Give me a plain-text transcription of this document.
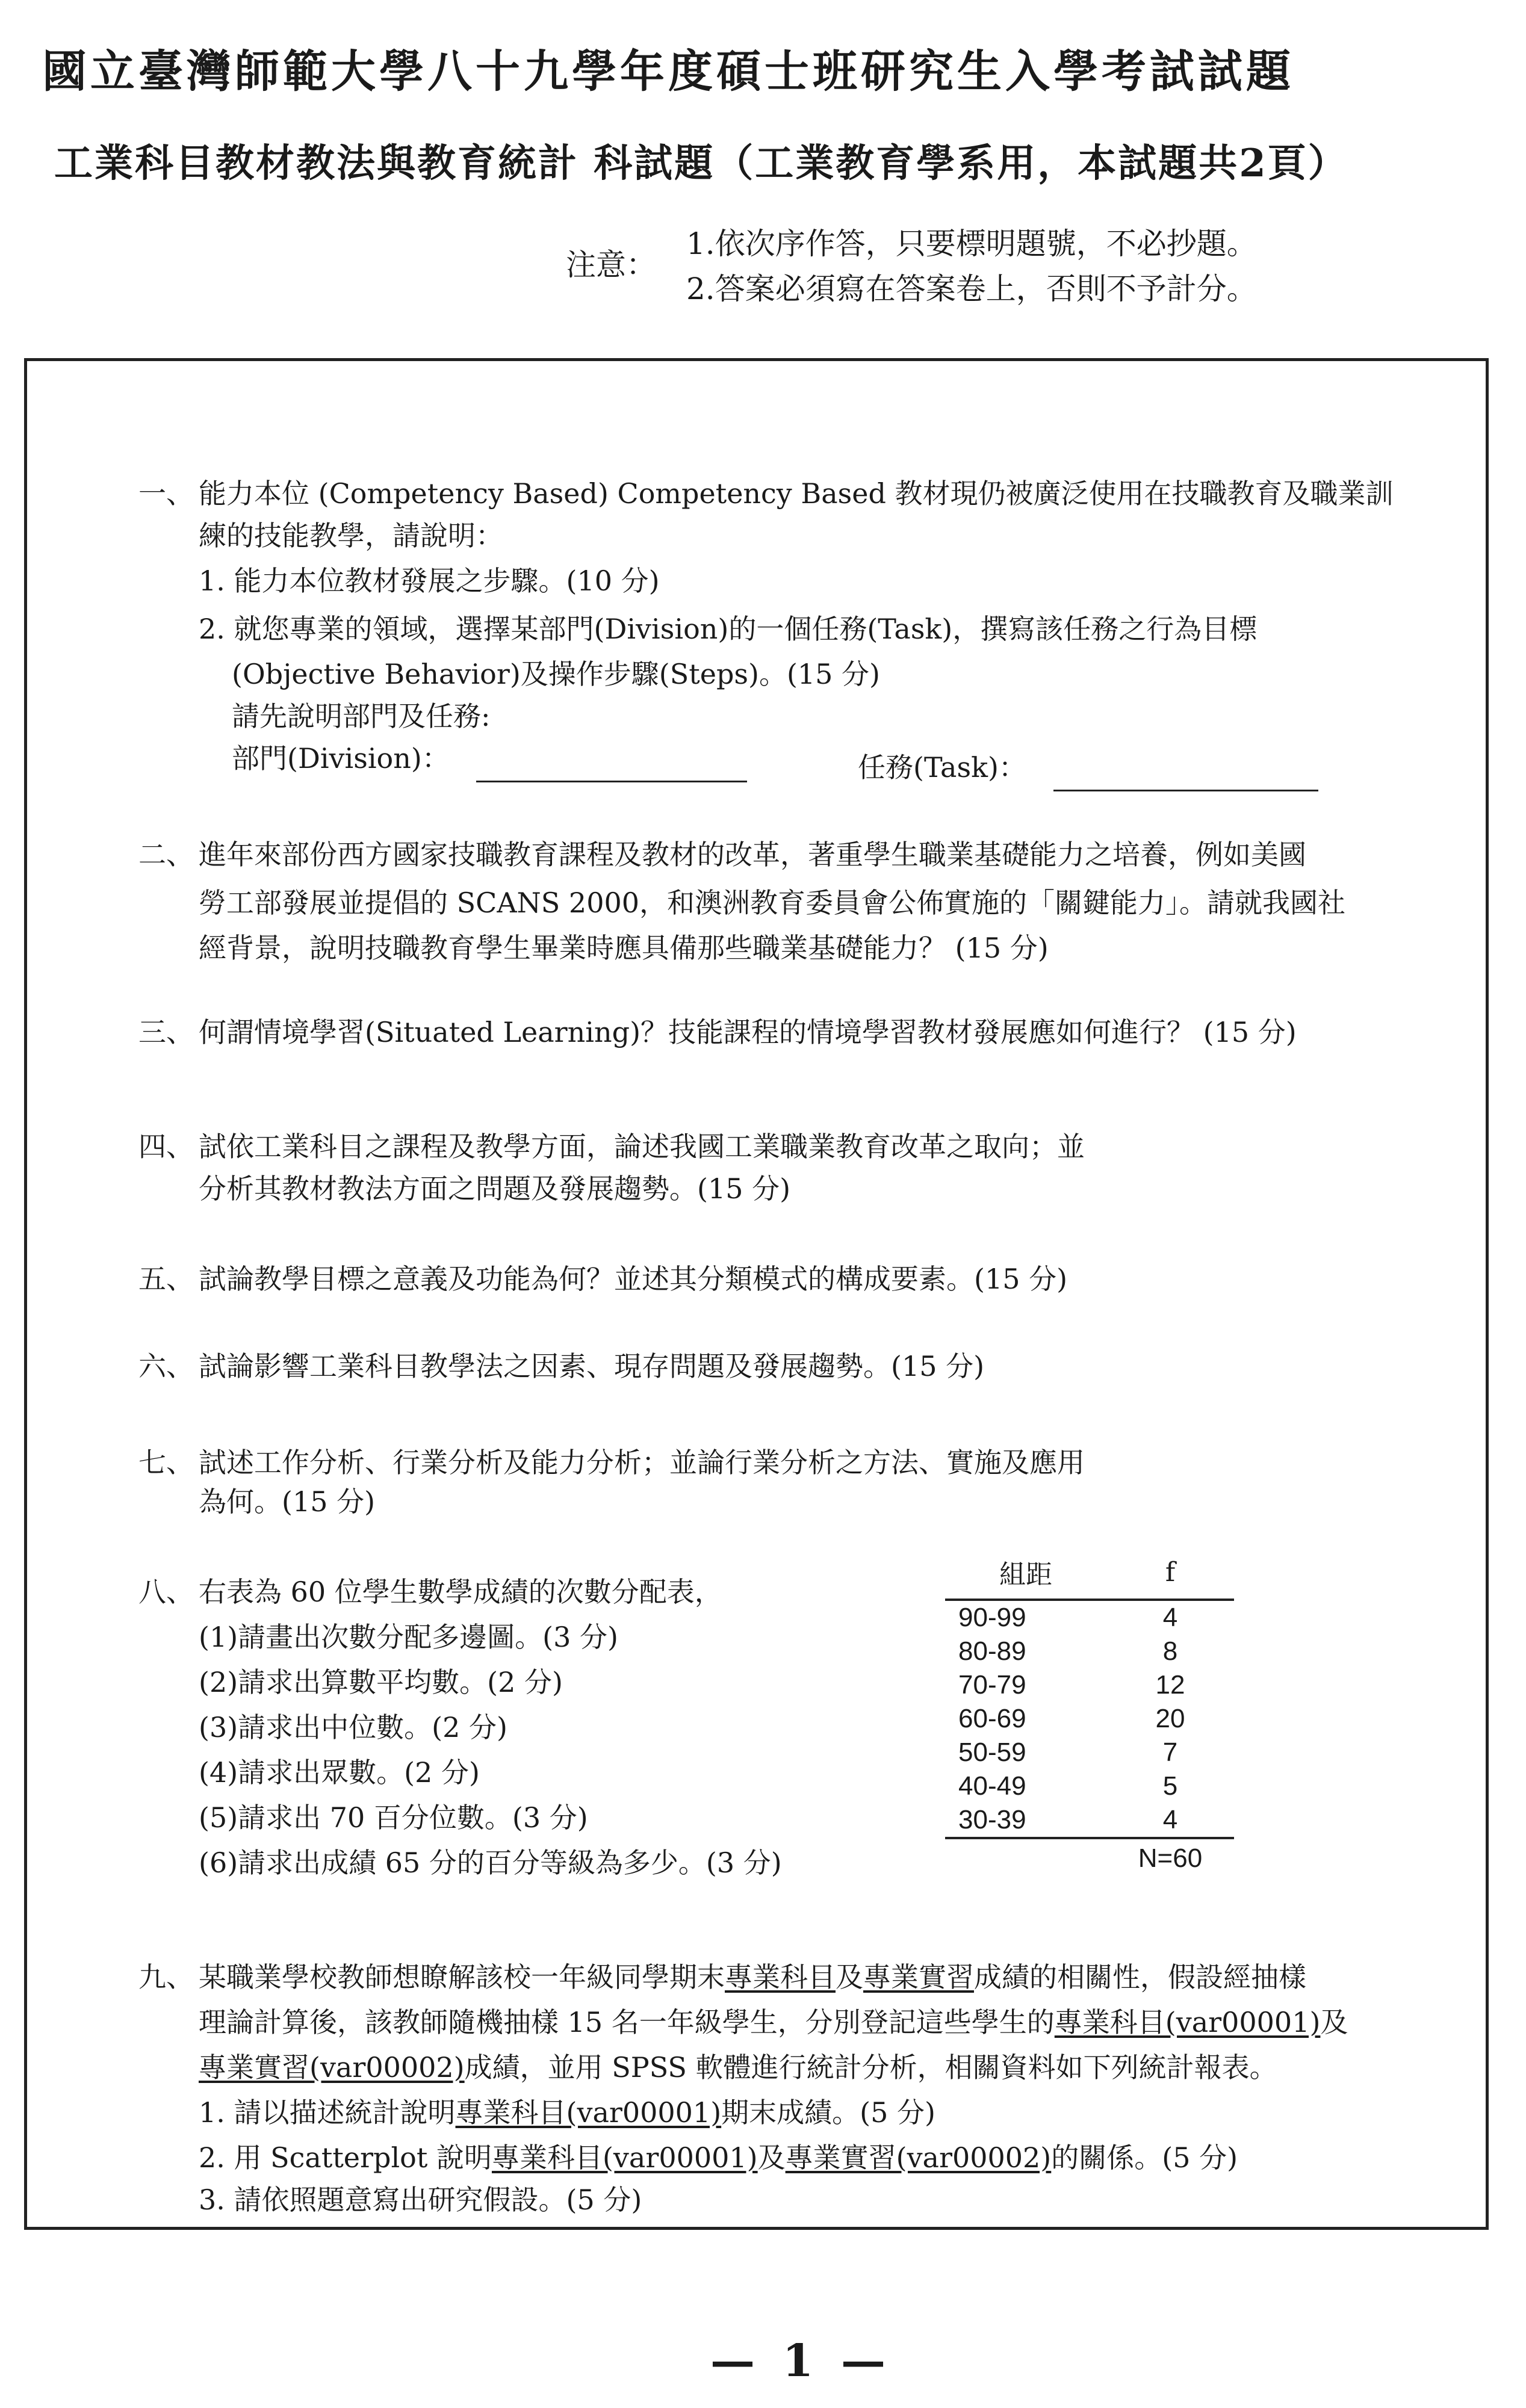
國立臺灣師範大學八十九學年度碩士班研究生入學考試試題
工業科目教材教法與教育統計 科試題（工業教育學系用，本試題共2頁）
注意：
1.依次序作答，只要標明題號，不必抄題。
2.答案必須寫在答案卷上，否則不予計分。
一、 能力本位 (Competency Based) Competency Based 教材現仍被廣泛使用在技職教育及職業訓
練的技能教學，請說明：
1. 能力本位教材發展之步驟。(10 分)
2. 就您專業的領域，選擇某部門(Division)的一個任務(Task)，撰寫該任務之行為目標
(Objective Behavior)及操作步驟(Steps)。(15 分)
請先說明部門及任務:
部門(Division)：	任務(Task)：
二、 進年來部份西方國家技職教育課程及教材的改革，著重學生職業基礎能力之培養，例如美國
勞工部發展並提倡的 SCANS 2000，和澳洲教育委員會公佈實施的「關鍵能力」。請就我國社
經背景，說明技職教育學生畢業時應具備那些職業基礎能力？ (15 分)
三、 何謂情境學習(Situated Learning)？技能課程的情境學習教材發展應如何進行？ (15 分)
四、 試依工業科目之課程及教學方面，論述我國工業職業教育改革之取向；並
分析其教材教法方面之問題及發展趨勢。(15 分)
五、 試論教學目標之意義及功能為何？並述其分類模式的構成要素。(15 分)
六、 試論影響工業科目教學法之因素、現存問題及發展趨勢。(15 分)
七、 試述工作分析、行業分析及能力分析；並論行業分析之方法、實施及應用
為何。(15 分)
八、 右表為 60 位學生數學成績的次數分配表，
(1)請畫出次數分配多邊圖。(3 分)
(2)請求出算數平均數。(2 分)
(3)請求出中位數。(2 分)
(4)請求出眾數。(2 分)
(5)請求出 70 百分位數。(3 分)
(6)請求出成績 65 分的百分等級為多少。(3 分)
組距	f
90-99	4
80-89	8
70-79	12
60-69	20
50-59	7
40-49	5
30-39	4
	N=60
九、 某職業學校教師想瞭解該校一年級同學期末專業科目及專業實習成績的相關性，假設經抽樣
理論計算後，該教師隨機抽樣 15 名一年級學生，分別登記這些學生的專業科目(var00001)及
專業實習(var00002)成績，並用 SPSS 軟體進行統計分析，相關資料如下列統計報表。
1. 請以描述統計說明專業科目(var00001)期末成績。(5 分)
2. 用 Scatterplot 說明專業科目(var00001)及專業實習(var00002)的關係。(5 分)
3. 請依照題意寫出研究假設。(5 分)
— 1 —
